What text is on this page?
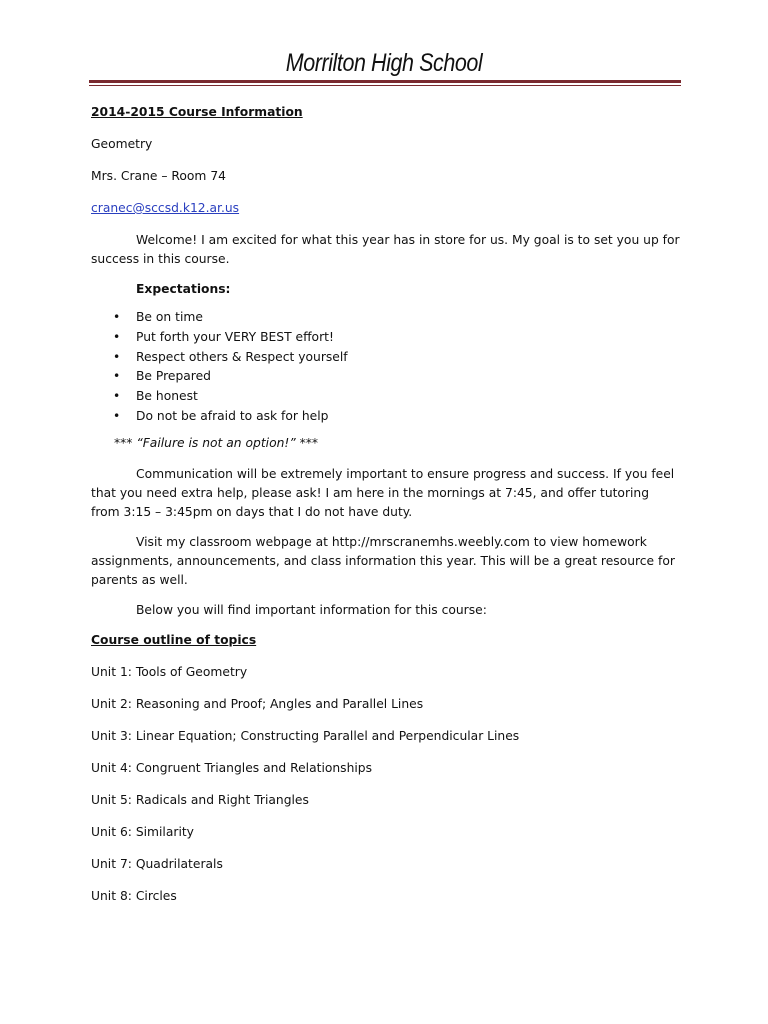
Morrilton High School

2014-2015 Course Information

Geometry

Mrs. Crane – Room 74

cranec@sccsd.k12.ar.us

Welcome! I am excited for what this year has in store for us. My goal is to set you up for success in this course.

Expectations:

• Be on time
• Put forth your VERY BEST effort!
• Respect others & Respect yourself
• Be Prepared
• Be honest
• Do not be afraid to ask for help

*** “Failure is not an option!” ***

Communication will be extremely important to ensure progress and success. If you feel that you need extra help, please ask! I am here in the mornings at 7:45, and offer tutoring from 3:15 – 3:45pm on days that I do not have duty.

Visit my classroom webpage at http://mrscranemhs.weebly.com to view homework assignments, announcements, and class information this year. This will be a great resource for parents as well.

Below you will find important information for this course:

Course outline of topics

Unit 1: Tools of Geometry

Unit 2: Reasoning and Proof; Angles and Parallel Lines

Unit 3: Linear Equation; Constructing Parallel and Perpendicular Lines

Unit 4: Congruent Triangles and Relationships

Unit 5: Radicals and Right Triangles

Unit 6: Similarity

Unit 7: Quadrilaterals

Unit 8: Circles
